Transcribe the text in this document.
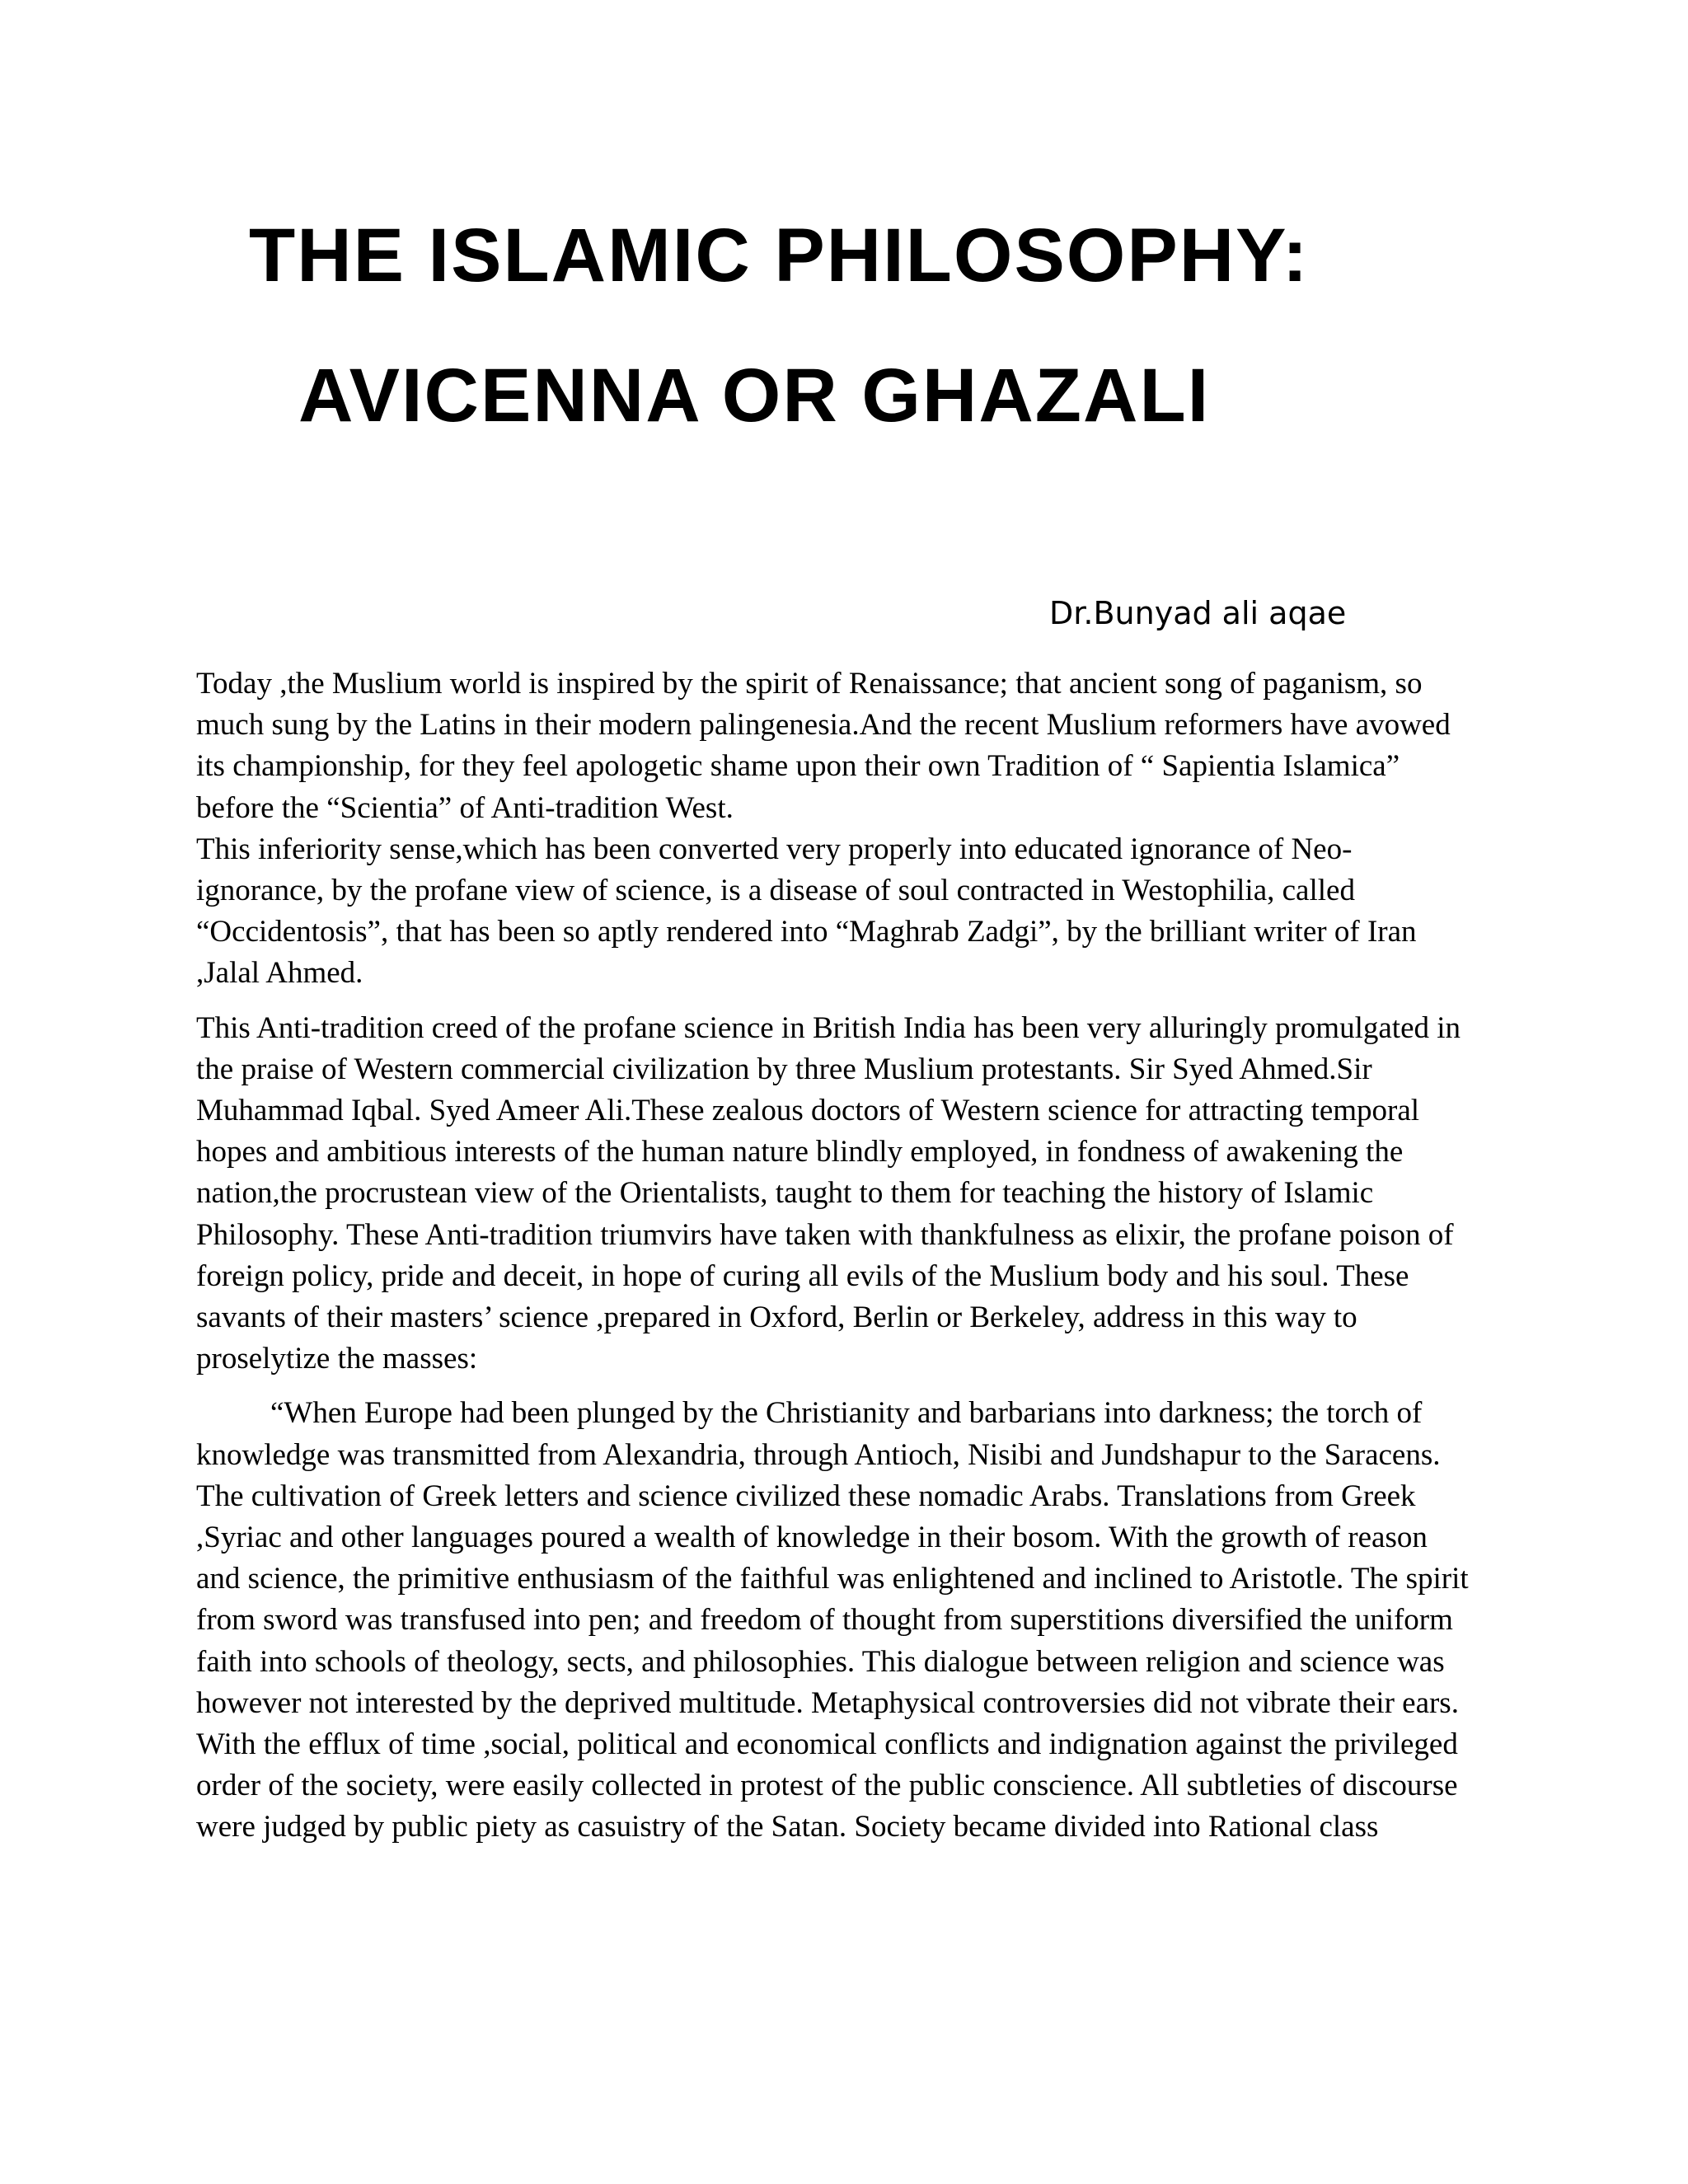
THE ISLAMIC PHILOSOPHY:
AVICENNA OR GHAZALI
Dr.Bunyad ali aqae

Today ,the Muslium world is inspired by the spirit of Renaissance; that ancient song of paganism, so much sung by the Latins in their modern palingenesia.And the recent Muslium reformers have avowed its championship, for they feel apologetic shame upon their own Tradition of “ Sapientia Islamica” before the “Scientia” of Anti-tradition West.

This inferiority sense,which has been converted very properly into educated ignorance of Neo-ignorance, by the profane view of science, is a disease of soul contracted in Westophilia, called “Occidentosis”, that has been so aptly rendered into “Maghrab Zadgi”, by the brilliant writer of Iran ,Jalal Ahmed.

This Anti-tradition creed of the profane science in British India has been very alluringly promulgated in the praise of Western commercial civilization by three Muslium protestants. Sir Syed Ahmed.Sir Muhammad Iqbal. Syed Ameer Ali.These zealous doctors of Western science for attracting temporal hopes and ambitious interests of the human nature blindly employed, in fondness of awakening the nation,the procrustean view of the Orientalists, taught to them for teaching the history of Islamic Philosophy. These Anti-tradition triumvirs have taken with thankfulness as elixir, the profane poison of foreign policy, pride and deceit, in hope of curing all evils of the Muslium body and his soul. These savants of their masters’ science ,prepared in Oxford, Berlin or Berkeley, address in this way to proselytize the masses:

“When Europe had been plunged by the Christianity and barbarians into darkness; the torch of knowledge was transmitted from Alexandria, through Antioch, Nisibi and Jundshapur to the Saracens. The cultivation of Greek letters and science civilized these nomadic Arabs. Translations from Greek ,Syriac and other languages poured a wealth of knowledge in their bosom. With the growth of reason and science, the primitive enthusiasm of the faithful was enlightened and inclined to Aristotle. The spirit from sword was transfused into pen; and freedom of thought from superstitions diversified the uniform faith into schools of theology, sects, and philosophies. This dialogue between religion and science was however not interested by the deprived multitude. Metaphysical controversies did not vibrate their ears. With the efflux of time ,social, political and economical conflicts and indignation against the privileged order of the society, were easily collected in protest of the public conscience. All subtleties of discourse were judged by public piety as casuistry of the Satan. Society became divided into Rational class
